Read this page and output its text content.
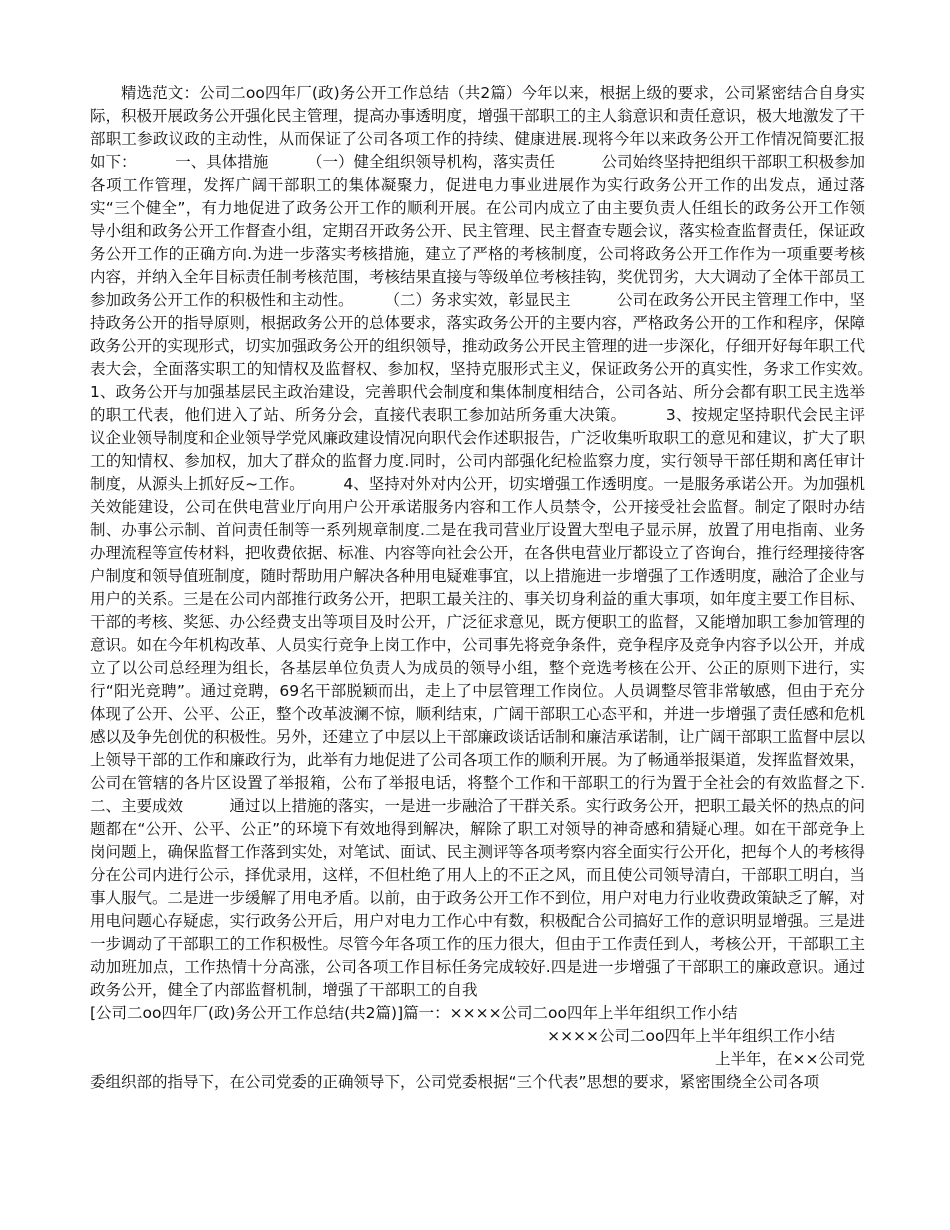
精选范文：公司二oo四年厂(政)务公开工作总结（共2篇）今年以来，根据上级的要求，公司紧密结合自身实际，积极开展政务公开强化民主管理，提高办事透明度，增强干部职工的主人翁意识和责任意识，极大地激发了干部职工参政议政的主动性，从而保证了公司各项工作的持续、健康进展.现将今年以来政务公开工作情况简要汇报如下：　　　一、具体措施　　　（一）健全组织领导机构，落实责任　　　公司始终坚持把组织干部职工积极参加各项工作管理，发挥广阔干部职工的集体凝聚力，促进电力事业进展作为实行政务公开工作的出发点，通过落实“三个健全”，有力地促进了政务公开工作的顺利开展。在公司内成立了由主要负责人任组长的政务公开工作领导小组和政务公开工作督查小组，定期召开政务公开、民主管理、民主督查专题会议，落实检查监督责任，保证政务公开工作的正确方向.为进一步落实考核措施，建立了严格的考核制度，公司将政务公开工作作为一项重要考核内容，并纳入全年目标责任制考核范围，考核结果直接与等级单位考核挂钩，奖优罚劣，大大调动了全体干部员工参加政务公开工作的积极性和主动性。　　　（二）务求实效，彰显民主　　　公司在政务公开民主管理工作中，坚持政务公开的指导原则，根据政务公开的总体要求，落实政务公开的主要内容，严格政务公开的工作和程序，保障政务公开的实现形式，切实加强政务公开的组织领导，推动政务公开民主管理的进一步深化，仔细开好每年职工代表大会，全面落实职工的知情权及监督权、参加权，坚持克服形式主义，保证政务公开的真实性，务求工作实效。　　　1、政务公开与加强基层民主政治建设，完善职代会制度和集体制度相结合，公司各站、所分会都有职工民主选举的职工代表，他们进入了站、所务分会，直接代表职工参加站所务重大决策。　　　3、按规定坚持职代会民主评议企业领导制度和企业领导学党风廉政建设情况向职代会作述职报告，广泛收集听取职工的意见和建议，扩大了职工的知情权、参加权，加大了群众的监督力度.同时，公司内部强化纪检监察力度，实行领导干部任期和离任审计制度，从源头上抓好反~工作。　　　4、坚持对外对内公开，切实增强工作透明度。一是服务承诺公开。为加强机关效能建设，公司在供电营业厅向用户公开承诺服务内容和工作人员禁令，公开接受社会监督。制定了限时办结制、办事公示制、首问责任制等一系列规章制度.二是在我司营业厅设置大型电子显示屏，放置了用电指南、业务办理流程等宣传材料，把收费依据、标准、内容等向社会公开，在各供电营业厅都设立了咨询台，推行经理接待客户制度和领导值班制度，随时帮助用户解决各种用电疑难事宜，以上措施进一步增强了工作透明度，融洽了企业与用户的关系。三是在公司内部推行政务公开，把职工最关注的、事关切身利益的重大事项，如年度主要工作目标、干部的考核、奖惩、办公经费支出等项目及时公开，广泛征求意见，既方便职工的监督，又能增加职工参加管理的意识。如在今年机构改革、人员实行竞争上岗工作中，公司事先将竞争条件，竞争程序及竞争内容予以公开，并成立了以公司总经理为组长，各基层单位负责人为成员的领导小组，整个竞选考核在公开、公正的原则下进行，实行“阳光竞聘”。通过竞聘，69名干部脱颖而出，走上了中层管理工作岗位。人员调整尽管非常敏感，但由于充分体现了公开、公平、公正，整个改革波澜不惊，顺利结束，广阔干部职工心态平和，并进一步增强了责任感和危机感以及争先创优的积极性。另外，还建立了中层以上干部廉政谈话话制和廉洁承诺制，让广阔干部职工监督中层以上领导干部的工作和廉政行为，此举有力地促进了公司各项工作的顺利开展。为了畅通举报渠道，发挥监督效果，公司在管辖的各片区设置了举报箱，公布了举报电话，将整个工作和干部职工的行为置于全社会的有效监督之下.　　　二、主要成效　　　通过以上措施的落实，一是进一步融洽了干群关系。实行政务公开，把职工最关怀的热点的问题都在“公开、公平、公正”的环境下有效地得到解决，解除了职工对领导的神奇感和猜疑心理。如在干部竞争上岗问题上，确保监督工作落到实处，对笔试、面试、民主测评等各项考察内容全面实行公开化，把每个人的考核得分在公司内进行公示，择优录用，这样，不但杜绝了用人上的不正之风，而且使公司领导清白，干部职工明白，当事人服气。二是进一步缓解了用电矛盾。以前，由于政务公开工作不到位，用户对电力行业收费政策缺乏了解，对用电问题心存疑虑，实行政务公开后，用户对电力工作心中有数，积极配合公司搞好工作的意识明显增强。三是进一步调动了干部职工的工作积极性。尽管今年各项工作的压力很大，但由于工作责任到人，考核公开，干部职工主动加班加点，工作热情十分高涨，公司各项工作目标任务完成较好.四是进一步增强了干部职工的廉政意识。通过政务公开，健全了内部监督机制，增强了干部职工的自我

[公司二oo四年厂(政)务公开工作总结(共2篇)]篇一：××××公司二oo四年上半年组织工作小结

××××公司二oo四年上半年组织工作小结

上半年，在××公司党

委组织部的指导下，在公司党委的正确领导下，公司党委根据“三个代表”思想的要求，紧密围绕全公司各项
